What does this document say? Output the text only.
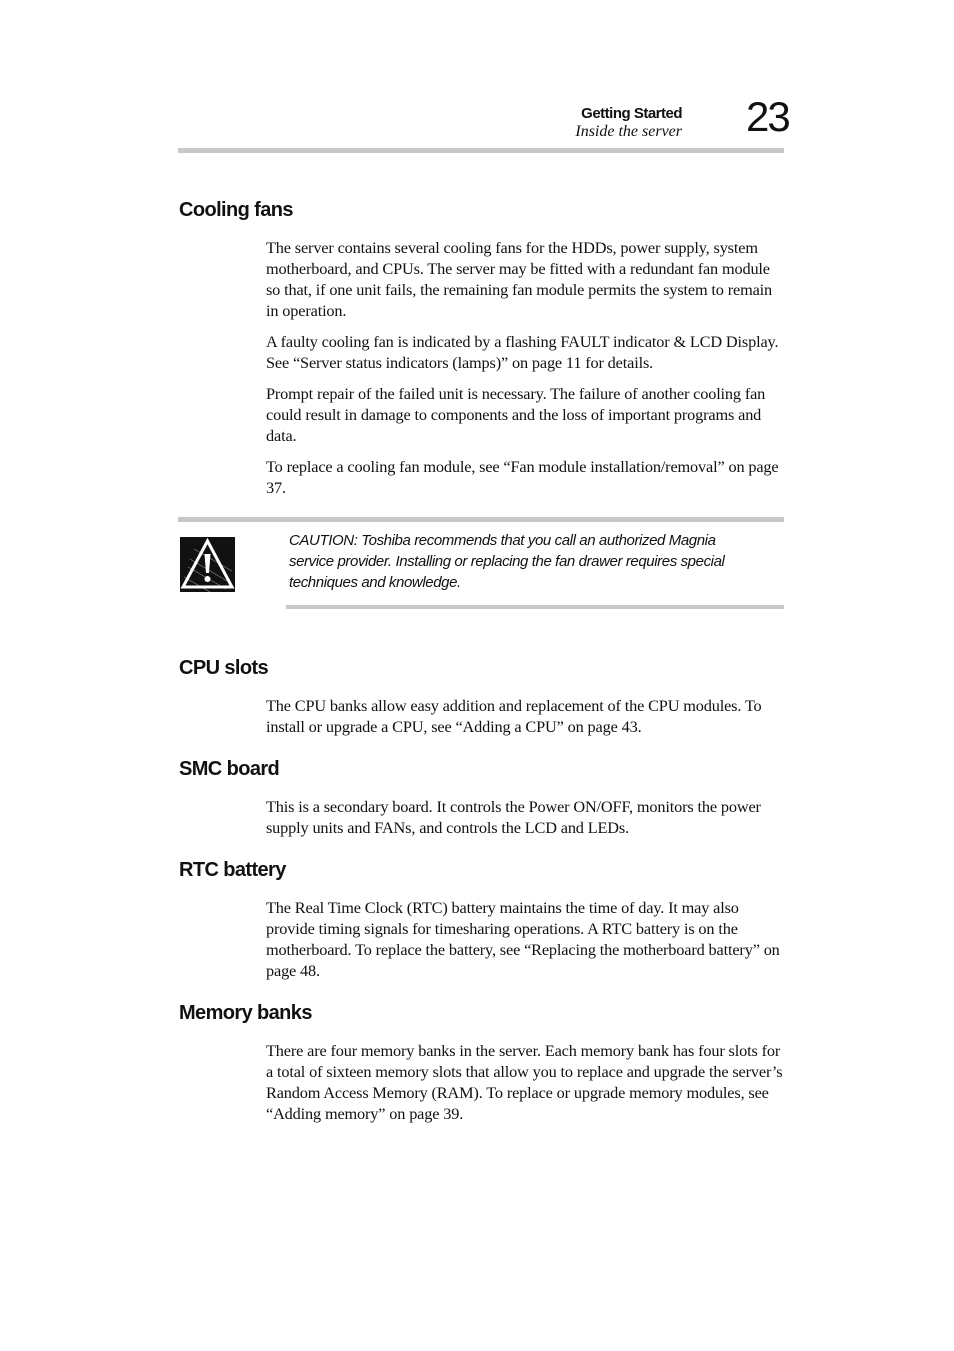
Getting Started
Inside the server 23
Cooling fans

The server contains several cooling fans for the HDDs, power supply, system motherboard, and CPUs. The server may be fitted with a redundant fan module so that, if one unit fails, the remaining fan module permits the system to remain in operation.

A faulty cooling fan is indicated by a flashing FAULT indicator & LCD Display. See “Server status indicators (lamps)” on page 11 for details.

Prompt repair of the failed unit is necessary. The failure of another cooling fan could result in damage to components and the loss of important programs and data.

To replace a cooling fan module, see “Fan module installation/removal” on page 37.

CAUTION: Toshiba recommends that you call an authorized Magnia service provider. Installing or replacing the fan drawer requires special techniques and knowledge.

CPU slots

The CPU banks allow easy addition and replacement of the CPU modules. To install or upgrade a CPU, see “Adding a CPU” on page 43.

SMC board

This is a secondary board. It controls the Power ON/OFF, monitors the power supply units and FANs, and controls the LCD and LEDs.

RTC battery

The Real Time Clock (RTC) battery maintains the time of day. It may also provide timing signals for timesharing operations. A RTC battery is on the motherboard. To replace the battery, see “Replacing the motherboard battery” on page 48.

Memory banks

There are four memory banks in the server. Each memory bank has four slots for a total of sixteen memory slots that allow you to replace and upgrade the server’s Random Access Memory (RAM). To replace or upgrade memory modules, see “Adding memory” on page 39.
